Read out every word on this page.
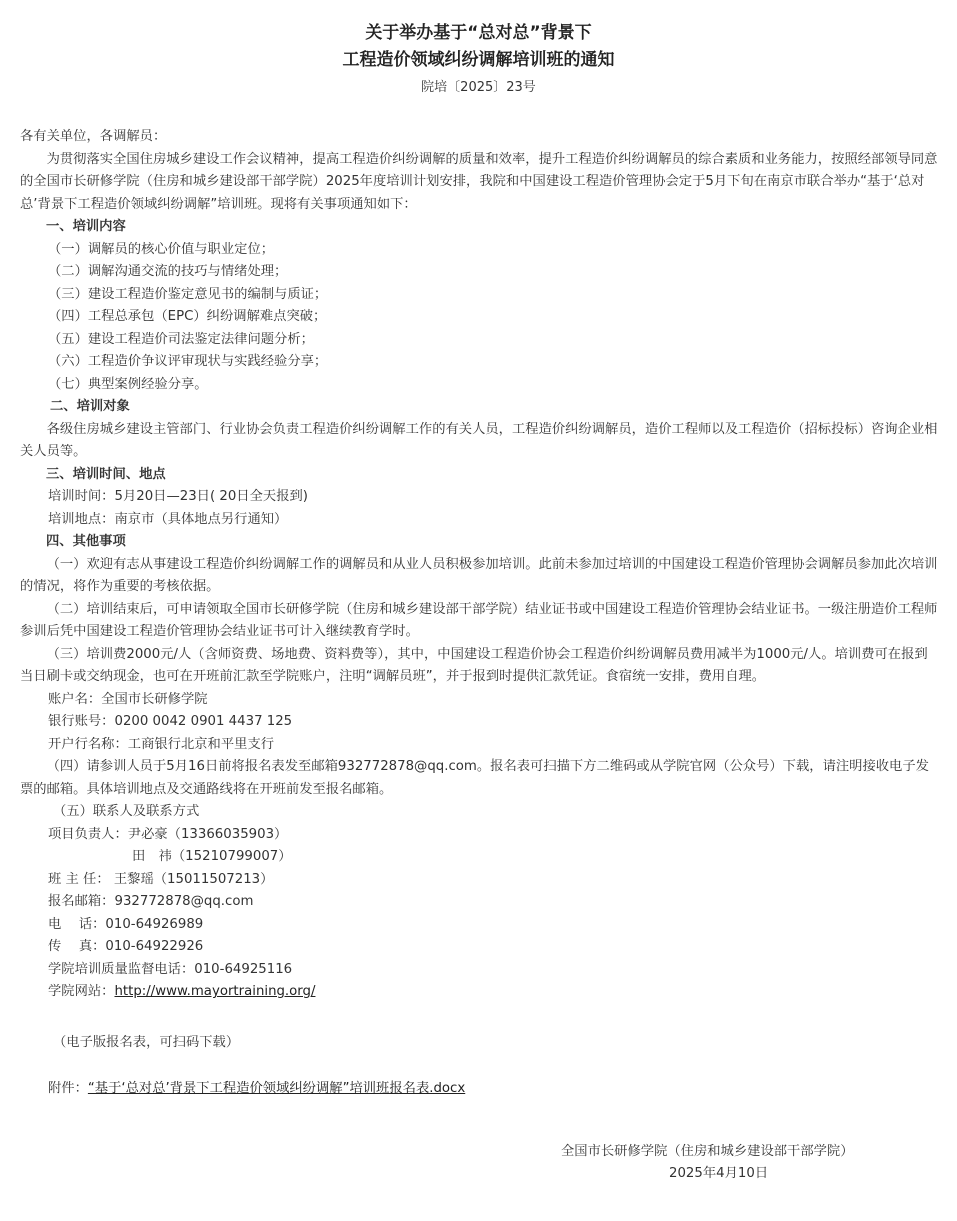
关于举办基于“总对总”背景下
工程造价领域纠纷调解培训班的通知
院培〔2025〕23号

各有关单位，各调解员：

为贯彻落实全国住房城乡建设工作会议精神，提高工程造价纠纷调解的质量和效率，提升工程造价纠纷调解员的综合素质和业务能力，按照经部领导同意的全国市长研修学院（住房和城乡建设部干部学院）2025年度培训计划安排，我院和中国建设工程造价管理协会定于5月下旬在南京市联合举办“基于‘总对总’背景下工程造价领域纠纷调解”培训班。现将有关事项通知如下：

一、培训内容

（一）调解员的核心价值与职业定位；

（二）调解沟通交流的技巧与情绪处理；

（三）建设工程造价鉴定意见书的编制与质证；

（四）工程总承包（EPC）纠纷调解难点突破；

（五）建设工程造价司法鉴定法律问题分析；

（六）工程造价争议评审现状与实践经验分享；

（七）典型案例经验分享。

二、培训对象

各级住房城乡建设主管部门、行业协会负责工程造价纠纷调解工作的有关人员，工程造价纠纷调解员，造价工程师以及工程造价（招标投标）咨询企业相关人员等。

三、培训时间、地点

培训时间：5月20日—23日( 20日全天报到)

培训地点：南京市（具体地点另行通知）

四、其他事项

（一）欢迎有志从事建设工程造价纠纷调解工作的调解员和从业人员积极参加培训。此前未参加过培训的中国建设工程造价管理协会调解员参加此次培训的情况，将作为重要的考核依据。

（二）培训结束后，可申请领取全国市长研修学院（住房和城乡建设部干部学院）结业证书或中国建设工程造价管理协会结业证书。一级注册造价工程师参训后凭中国建设工程造价管理协会结业证书可计入继续教育学时。

（三）培训费2000元/人（含师资费、场地费、资料费等），其中，中国建设工程造价协会工程造价纠纷调解员费用减半为1000元/人。培训费可在报到当日刷卡或交纳现金，也可在开班前汇款至学院账户，注明“调解员班”，并于报到时提供汇款凭证。食宿统一安排，费用自理。

账户名：全国市长研修学院

银行账号：0200 0042 0901 4437 125

开户行名称：工商银行北京和平里支行

（四）请参训人员于5月16日前将报名表发至邮箱932772878@qq.com。报名表可扫描下方二维码或从学院官网（公众号）下载，请注明接收电子发票的邮箱。具体培训地点及交通路线将在开班前发至报名邮箱。

（五）联系人及联系方式

项目负责人：尹必豪（13366035903）

田　祎（15210799007）

班 主 任： 王黎瑶（15011507213）

报名邮箱：932772878@qq.com

电　 话：010-64926989

传　 真：010-64922926

学院培训质量监督电话：010-64925116

学院网站：http://www.mayortraining.org/

（电子版报名表，可扫码下载）

附件：“基于‘总对总’背景下工程造价领域纠纷调解”培训班报名表.docx

全国市长研修学院（住房和城乡建设部干部学院）
2025年4月10日
